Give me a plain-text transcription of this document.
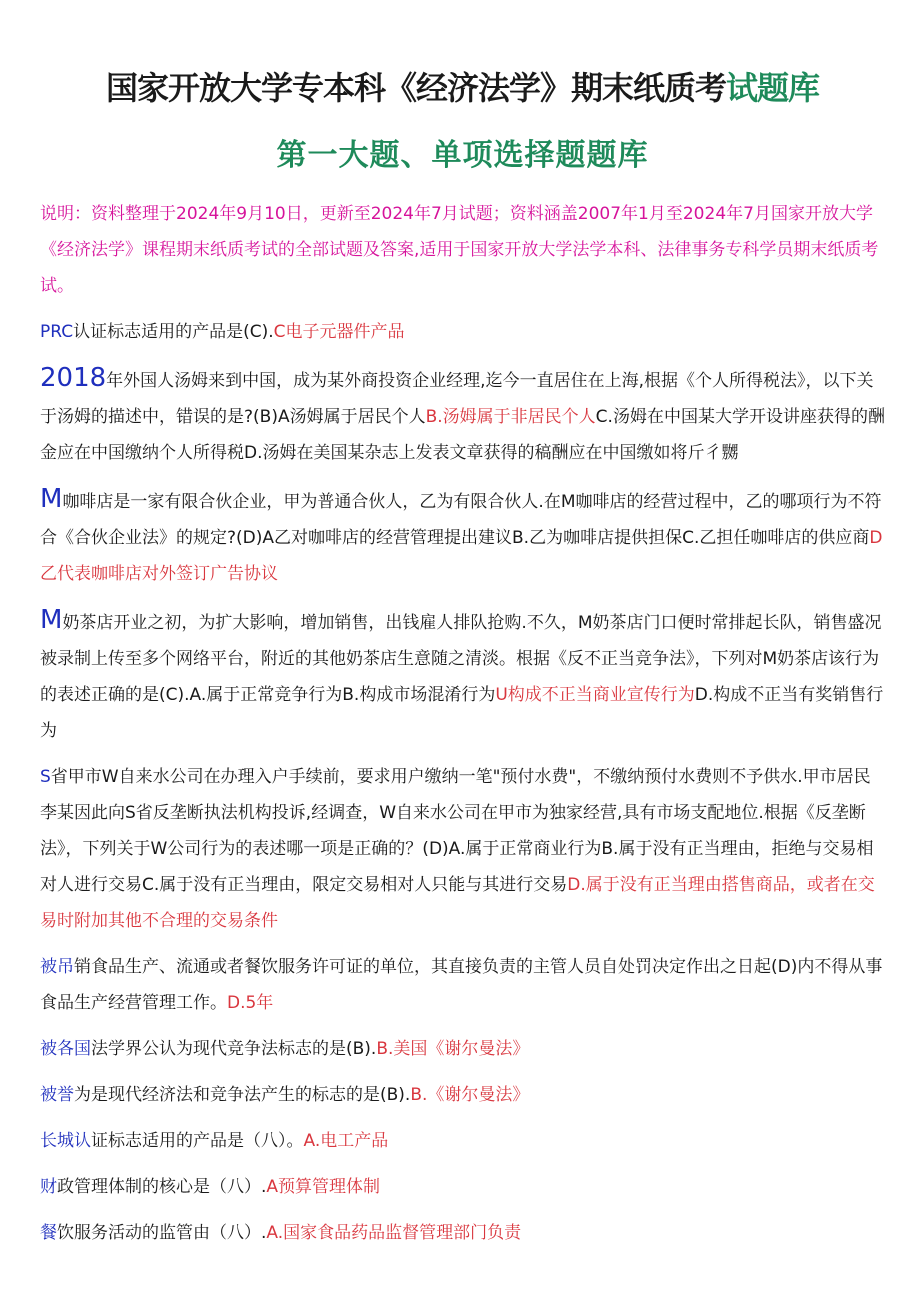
国家开放大学专本科《经济法学》期末纸质考试题库
第一大题、单项选择题题库

说明：资料整理于2024年9月10日，更新至2024年7月试题；资料涵盖2007年1月至2024年7月国家开放大学《经济法学》课程期末纸质考试的全部试题及答案,适用于国家开放大学法学本科、法律事务专科学员期末纸质考试。

PRC认证标志适用的产品是(C).C电子元器件产品

2018年外国人汤姆来到中国，成为某外商投资企业经理,迄今一直居住在上海,根据《个人所得税法》，以下关于汤姆的描述中，错误的是?(B)A汤姆属于居民个人B.汤姆属于非居民个人C.汤姆在中国某大学开设讲座获得的酬金应在中国缴纳个人所得税D.汤姆在美国某杂志上发表文章获得的稿酬应在中国缴如将斤彳嬲

M咖啡店是一家有限合伙企业，甲为普通合伙人，乙为有限合伙人.在M咖啡店的经营过程中，乙的哪项行为不符合《合伙企业法》的规定?(D)A乙对咖啡店的经营管理提出建议B.乙为咖啡店提供担保C.乙担任咖啡店的供应商D乙代表咖啡店对外签订广告协议

M奶茶店开业之初，为扩大影响，增加销售，出钱雇人排队抢购.不久，M奶茶店门口便时常排起长队，销售盛况被录制上传至多个网络平台，附近的其他奶茶店生意随之清淡。根据《反不正当竞争法》，下列对M奶茶店该行为的表述正确的是(C).A.属于正常竞争行为B.构成市场混淆行为U构成不正当商业宣传行为D.构成不正当有奖销售行为

S省甲市W自来水公司在办理入户手续前，要求用户缴纳一笔"预付水费"，不缴纳预付水费则不予供水.甲市居民李某因此向S省反垄断执法机构投诉,经调查，W自来水公司在甲市为独家经营,具有市场支配地位.根据《反垄断法》，下列关于W公司行为的表述哪一项是正确的？(D)A.属于正常商业行为B.属于没有正当理由，拒绝与交易相对人进行交易C.属于没有正当理由，限定交易相对人只能与其进行交易D.属于没有正当理由搭售商品，或者在交易时附加其他不合理的交易条件

被吊销食品生产、流通或者餐饮服务许可证的单位，其直接负责的主管人员自处罚决定作出之日起(D)内不得从事食品生产经营管理工作。D.5年

被各国法学界公认为现代竞争法标志的是(B).B.美国《谢尔曼法》

被誉为是现代经济法和竞争法产生的标志的是(B).B.《谢尔曼法》

长城认证标志适用的产品是（八）。A.电工产品

财政管理体制的核心是（八）.A预算管理体制

餐饮服务活动的监管由（八）.A.国家食品药品监督管理部门负责
